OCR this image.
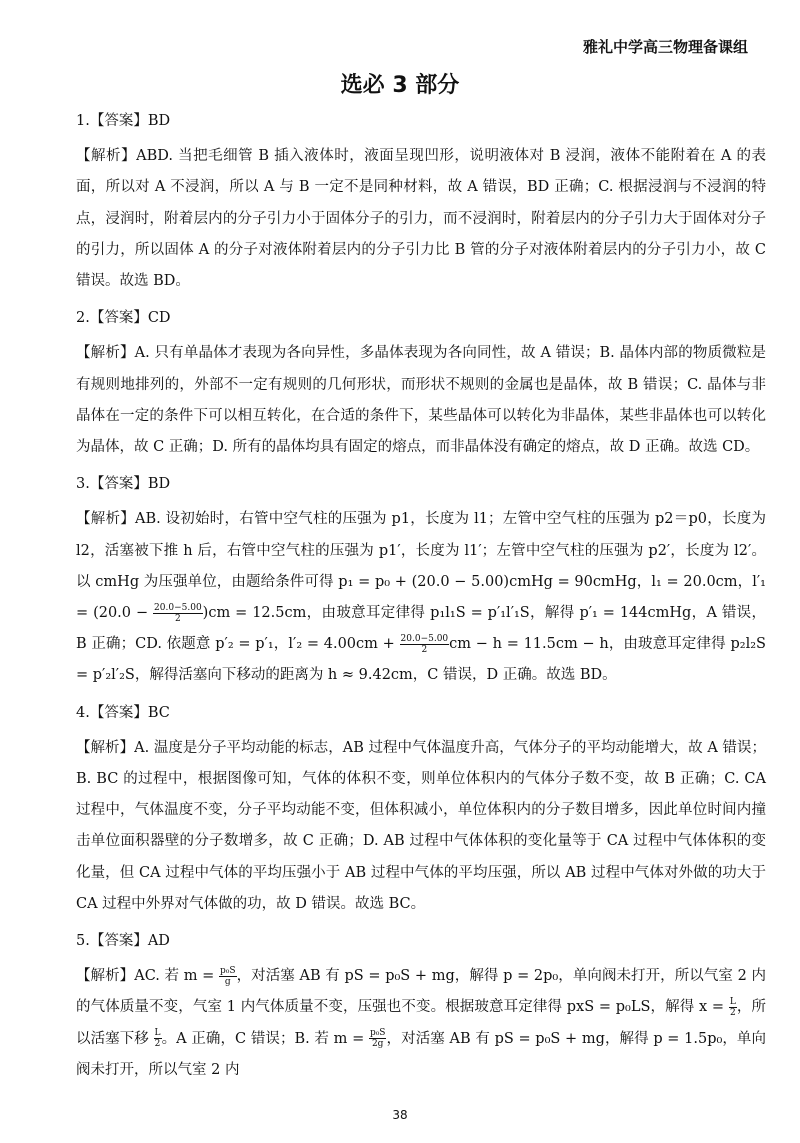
雅礼中学高三物理备课组
选必 3 部分

1.【答案】BD

【解析】ABD. 当把毛细管 B 插入液体时，液面呈现凹形，说明液体对 B 浸润，液体不能附着在 A 的表面，所以对 A 不浸润，所以 A 与 B 一定不是同种材料，故 A 错误，BD 正确；C. 根据浸润与不浸润的特点，浸润时，附着层内的分子引力小于固体分子的引力，而不浸润时，附着层内的分子引力大于固体对分子的引力，所以固体 A 的分子对液体附着层内的分子引力比 B 管的分子对液体附着层内的分子引力小，故 C 错误。故选 BD。

2.【答案】CD

【解析】A. 只有单晶体才表现为各向异性，多晶体表现为各向同性，故 A 错误；B. 晶体内部的物质微粒是有规则地排列的，外部不一定有规则的几何形状，而形状不规则的金属也是晶体，故 B 错误；C. 晶体与非晶体在一定的条件下可以相互转化，在合适的条件下，某些晶体可以转化为非晶体，某些非晶体也可以转化为晶体，故 C 正确；D. 所有的晶体均具有固定的熔点，而非晶体没有确定的熔点，故 D 正确。故选 CD。

3.【答案】BD

【解析】AB. 设初始时，右管中空气柱的压强为 p1，长度为 l1；左管中空气柱的压强为 p2＝p0，长度为 l2，活塞被下推 h 后，右管中空气柱的压强为 p1′，长度为 l1′；左管中空气柱的压强为 p2′，长度为 l2′。以 cmHg 为压强单位，由题给条件可得 p₁ = p₀ + (20.0 − 5.00)cmHg = 90cmHg，l₁ = 20.0cm，$l'_1 = (20.0 - \frac{20.0-5.00}{2} )cm = 12.5cm$，由玻意耳定律得 p₁l₁S = p′₁l′₁S，解得 p′₁ = 144cmHg，A 错误，B 正确；CD. 依题意 p′₂ = p′₁，$l'_2 = 4.00cm + \frac{20.0-5.00}{2}$ cm − h = 11.5cm − h，由玻意耳定律得 p₂l₂S = p′₂l′₂S，解得活塞向下移动的距离为 h ≈ 9.42cm，C 错误，D 正确。故选 BD。

4.【答案】BC

【解析】A. 温度是分子平均动能的标志，AB 过程中气体温度升高，气体分子的平均动能增大，故 A 错误；B. BC 的过程中，根据图像可知，气体的体积不变，则单位体积内的气体分子数不变，故 B 正确；C. CA 过程中，气体温度不变，分子平均动能不变，但体积减小，单位体积内的分子数目增多，因此单位时间内撞击单位面积器壁的分子数增多，故 C 正确；D. AB 过程中气体体积的变化量等于 CA 过程中气体体积的变化量，但 CA 过程中气体的平均压强小于 AB 过程中气体的平均压强，所以 AB 过程中气体对外做的功大于 CA 过程中外界对气体做的功，故 D 错误。故选 BC。

5.【答案】AD

【解析】AC. 若 $m = \frac{\text{p₀S}}{g}$ ，对活塞 AB 有 pS = p₀S + mg，解得 p = 2p₀，单向阀未打开，所以气室 2 内的气体质量不变，气室 1 内气体质量不变，压强也不变。根据玻意耳定律得 pxS = p₀LS，解得 $x = \frac{L}{2}$ ，所以活塞下移 $\frac{L}{2}$ 。A 正确，C 错误；B. 若 $m = \frac{\text{p₀S}}{2g}$ ，对活塞 AB 有 pS = p₀S + mg，解得 p = 1.5p₀，单向阀未打开，所以气室 2 内

38
